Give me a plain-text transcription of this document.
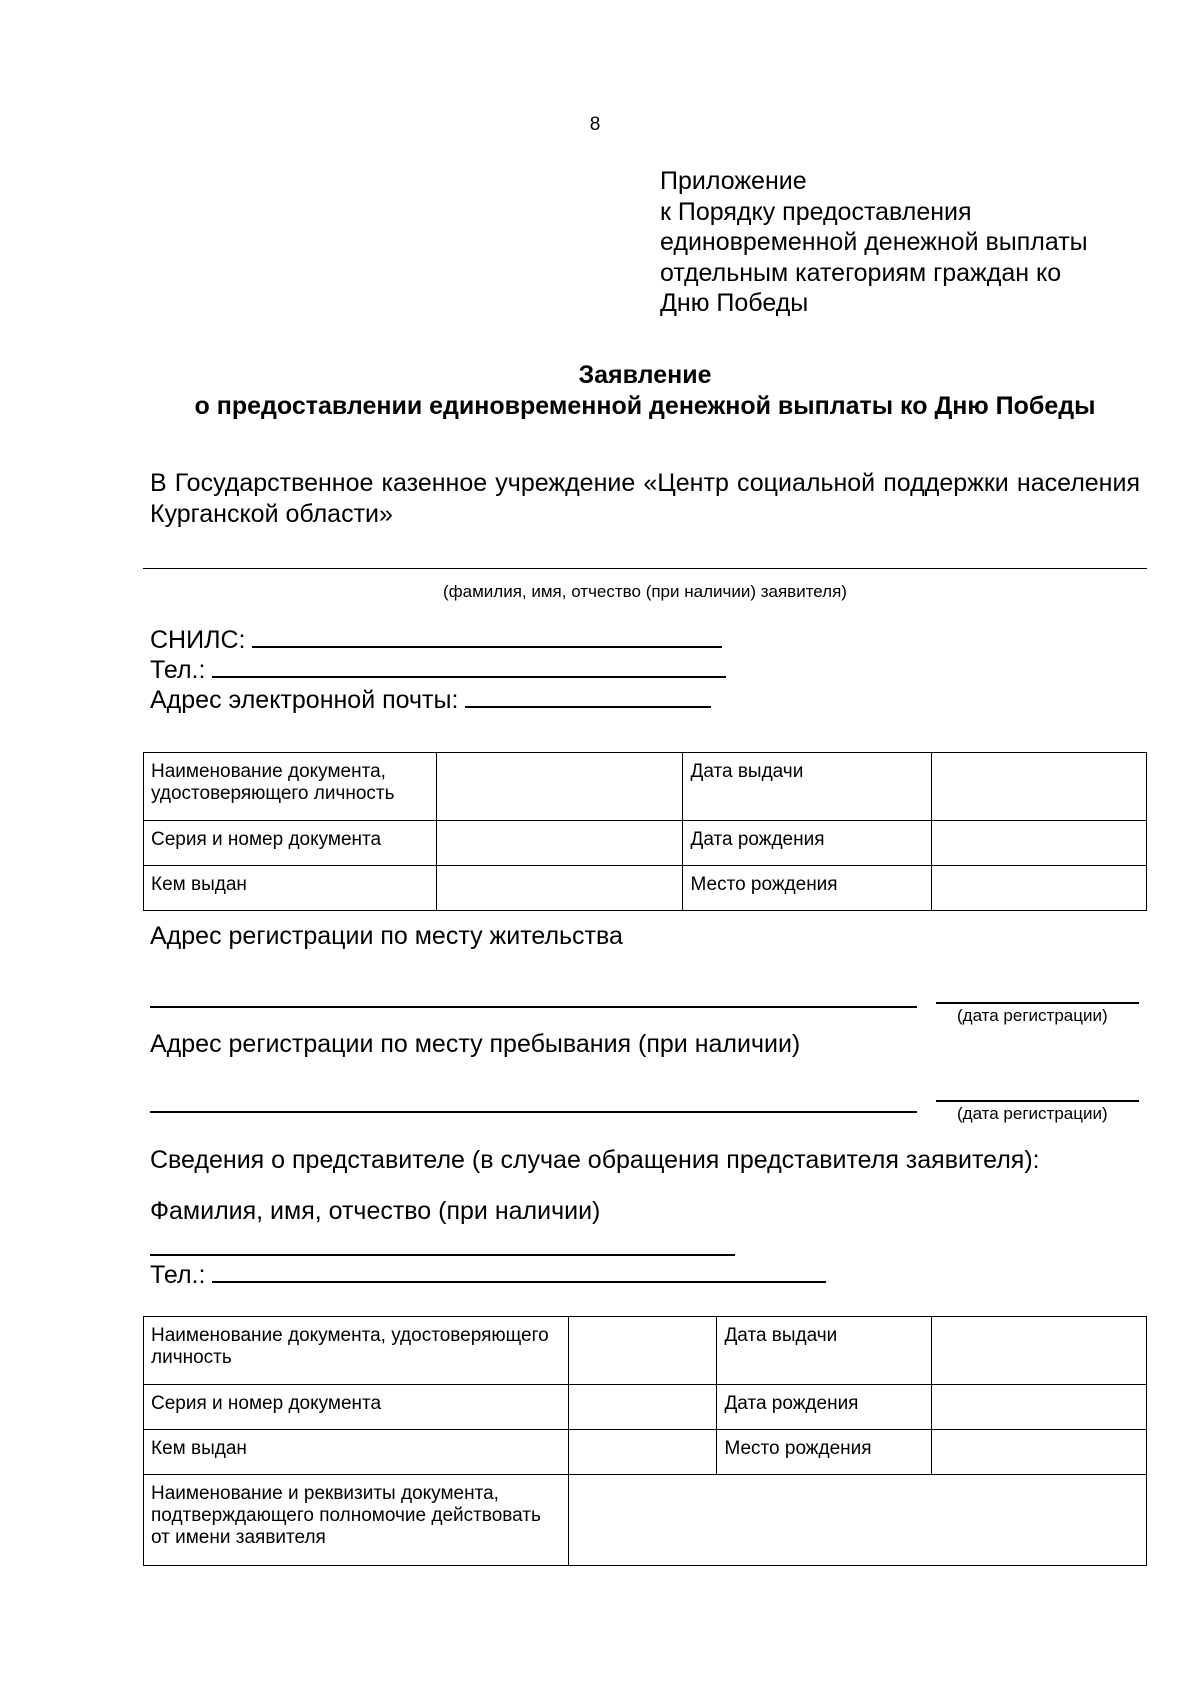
8
Приложение
к Порядку предоставления
единовременной денежной выплаты
отдельным категориям граждан ко
Дню Победы
Заявление
о предоставлении единовременной денежной выплаты ко Дню Победы
В Государственное казенное учреждение «Центр социальной поддержки населения Курганской области»
(фамилия, имя, отчество (при наличии) заявителя)
СНИЛС:
Тел.:
Адрес электронной почты:
Наименование документа, удостоверяющего личность		Дата выдачи	
Серия и номер документа		Дата рождения	
Кем выдан		Место рождения	
Адрес регистрации по месту жительства
(дата регистрации)
Адрес регистрации по месту пребывания (при наличии)
(дата регистрации)
Сведения о представителе (в случае обращения представителя заявителя):
Фамилия, имя, отчество (при наличии)
Тел.:
Наименование документа, удостоверяющего личность		Дата выдачи	
Серия и номер документа		Дата рождения	
Кем выдан		Место рождения	
Наименование и реквизиты документа, подтверждающего полномочие действовать от имени заявителя			
